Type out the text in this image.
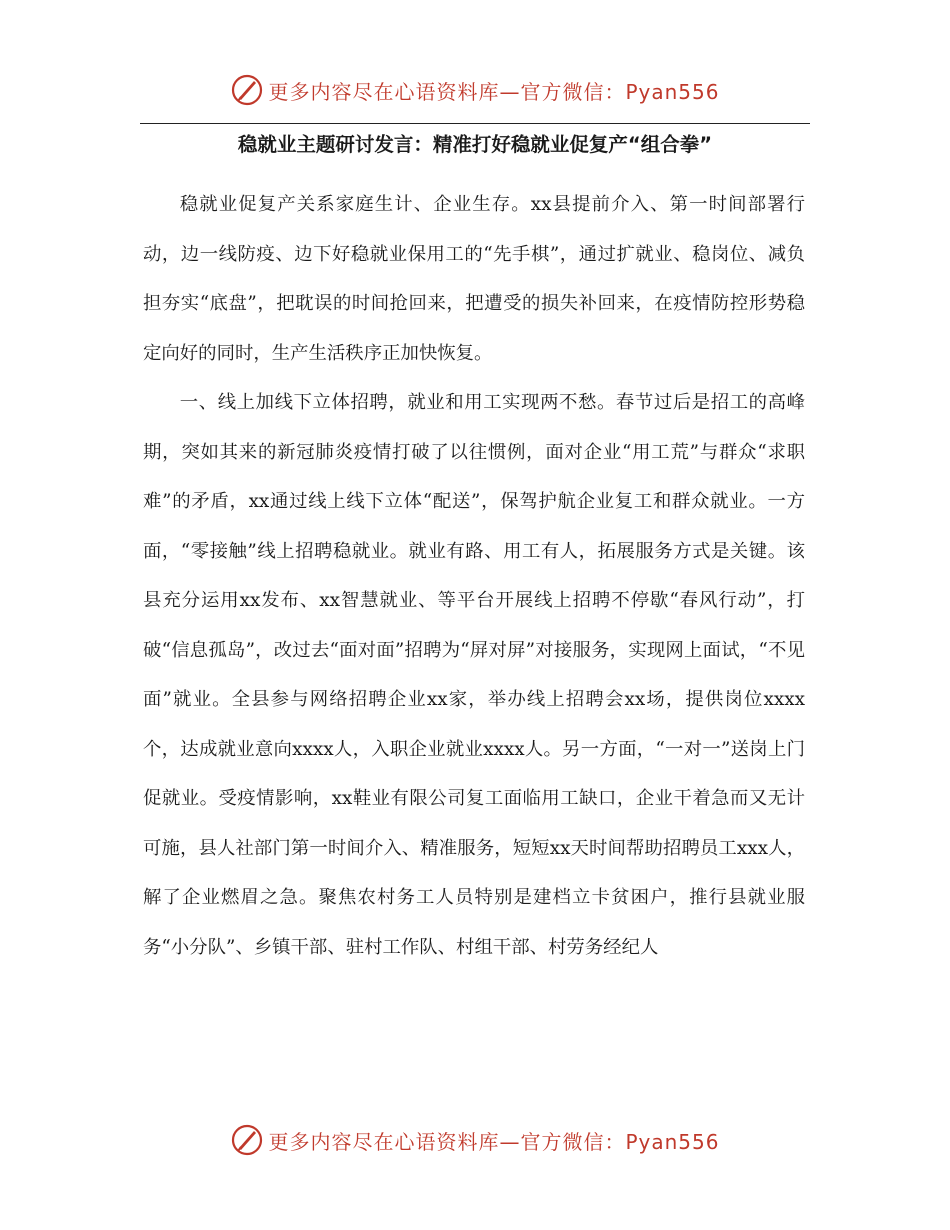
更多内容尽在心语资料库—官方微信：Pyan556
稳就业主题研讨发言：精准打好稳就业促复产“组合拳”

稳就业促复产关系家庭生计、企业生存。xx县提前介入、第一时间部署行动，边一线防疫、边下好稳就业保用工的“先手棋”，通过扩就业、稳岗位、减负担夯实“底盘”，把耽误的时间抢回来，把遭受的损失补回来，在疫情防控形势稳定向好的同时，生产生活秩序正加快恢复。

一、线上加线下立体招聘，就业和用工实现两不愁。春节过后是招工的高峰期，突如其来的新冠肺炎疫情打破了以往惯例，面对企业“用工荒”与群众“求职难”的矛盾，xx通过线上线下立体“配送”，保驾护航企业复工和群众就业。一方面，“零接触”线上招聘稳就业。就业有路、用工有人，拓展服务方式是关键。该县充分运用xx发布、xx智慧就业、等平台开展线上招聘不停歇“春风行动”，打破“信息孤岛”，改过去“面对面”招聘为“屏对屏”对接服务，实现网上面试，“不见面”就业。全县参与网络招聘企业xx家，举办线上招聘会xx场，提供岗位xxxx个，达成就业意向xxxx人，入职企业就业xxxx人。另一方面，“一对一”送岗上门促就业。受疫情影响，xx鞋业有限公司复工面临用工缺口，企业干着急而又无计可施，县人社部门第一时间介入、精准服务，短短xx天时间帮助招聘员工xxx人，解了企业燃眉之急。聚焦农村务工人员特别是建档立卡贫困户，推行县就业服务“小分队”、乡镇干部、驻村工作队、村组干部、村劳务经纪人

更多内容尽在心语资料库—官方微信：Pyan556
